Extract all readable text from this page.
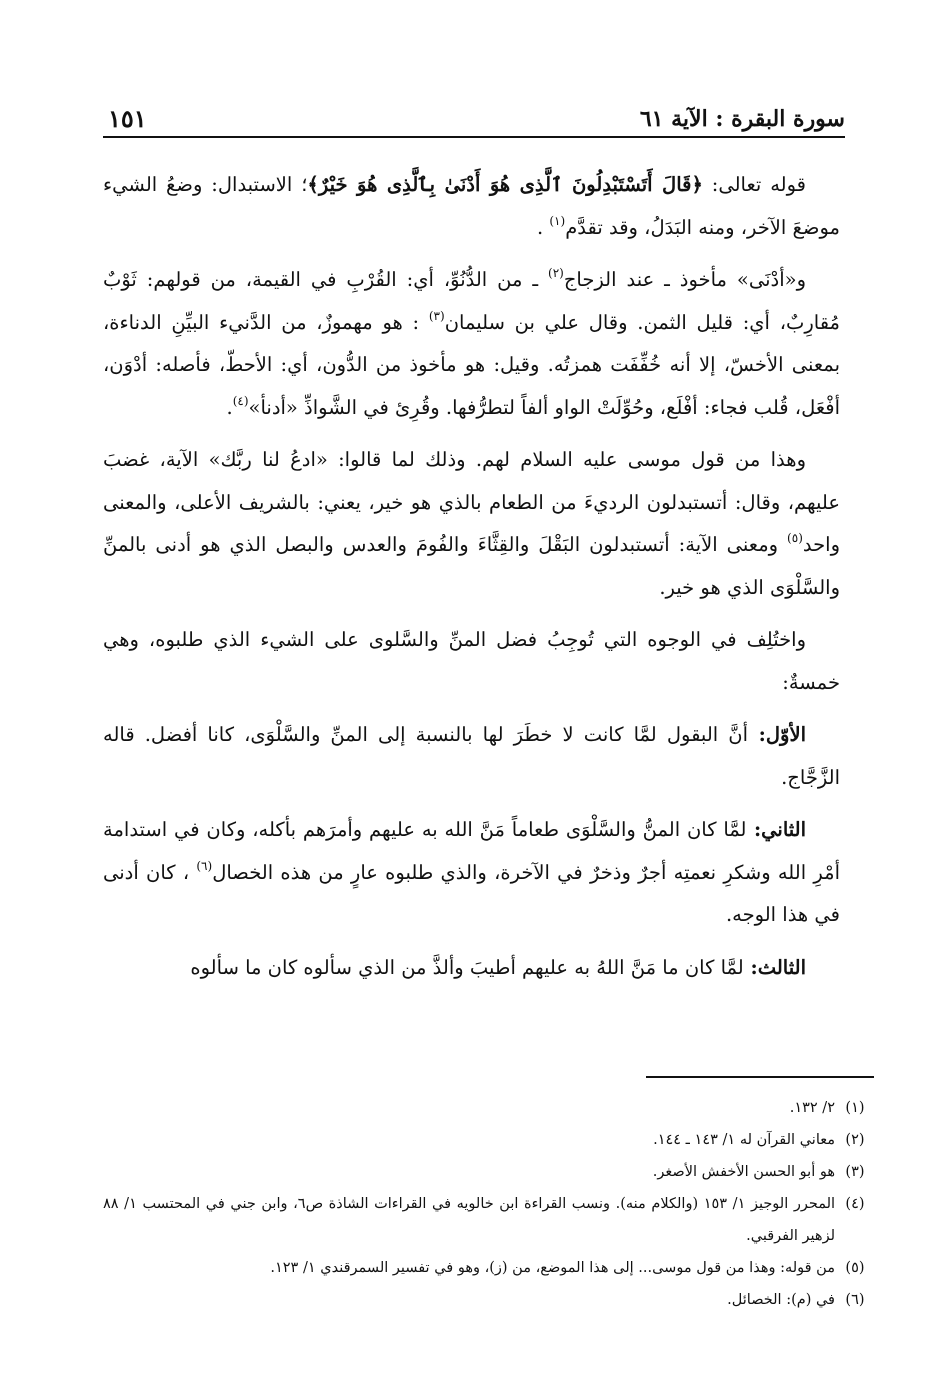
سورة البقرة : الآية ٦١
١٥١

قوله تعالى: ﴿قَالَ أَتَسْتَبْدِلُونَ ٱلَّذِى هُوَ أَدْنَىٰ بِٱلَّذِى هُوَ خَيْرٌ﴾؛ الاستبدال: وضعُ الشيء موضعَ الآخر، ومنه البَدَلُ، وقد تقدَّم$^{(١)}$ .

و«أدْنَى» مأخوذ ـ عند الزجاج$^{(٢)}$ ـ من الدُّنُوِّ، أي: القُرْبِ في القيمة، من قولهم: ثَوْبٌ مُقارِبٌ، أي: قليل الثمن. وقال علي بن سليمان$^{(٣)}$ : هو مهموزٌ، من الدَّنيء البيِّنِ الدناءة، بمعنى الأخسّ، إلا أنه خُفِّفَت همزتُه. وقيل: هو مأخوذ من الدُّون، أي: الأحطّ، فأصله: أدْوَن، أفْعَل، قُلب فجاء: أفْلَع، وحُوِّلَتْ الواو ألفاً لتطرُّفها. وقُرِئ في الشَّواذِّ «أدنأ»$^{(٤)}$.

وهذا من قول موسى عليه السلام لهم. وذلك لما قالوا: «ادعُ لنا ربَّك» الآية، غضبَ عليهم، وقال: أتستبدلون الرديءَ من الطعام بالذي هو خير، يعني: بالشريف الأعلى، والمعنى واحد$^{(٥)}$ ومعنى الآية: أتستبدلون البَقْلَ والقِثَّاءَ والفُومَ والعدس والبصل الذي هو أدنى بالمنِّ والسَّلْوَى الذي هو خير.

واختُلِف في الوجوه التي تُوجِبُ فضل المنِّ والسَّلوى على الشيء الذي طلبوه، وهي خمسةٌ:

الأوّل: أنَّ البقول لمَّا كانت لا خطَرَ لها بالنسبة إلى المنِّ والسَّلْوَى، كانا أفضل. قاله الزَّجَّاج.

الثاني: لمَّا كان المنُّ والسَّلْوَى طعاماً مَنَّ الله به عليهم وأمرَهم بأكله، وكان في استدامة أمْرِ الله وشكرِ نعمتِه أجرٌ وذخرٌ في الآخرة، والذي طلبوه عارٍ من هذه الخصال$^{(٦)}$ ، كان أدنى في هذا الوجه.

الثالث: لمَّا كان ما مَنَّ اللهُ به عليهم أطيبَ وألذَّ من الذي سألوه كان ما سألوه

(١)
٢/ ١٣٢.
(٢)
معاني القرآن له ١/ ١٤٣ ـ ١٤٤.
(٣)
هو أبو الحسن الأخفش الأصغر.
(٤)
المحرر الوجيز ١/ ١٥٣ (والكلام منه). ونسب القراءة ابن خالويه في القراءات الشاذة ص٦، وابن جني في المحتسب ١/ ٨٨ لزهير الفرقبي.
(٥)
من قوله: وهذا من قول موسى... إلى هذا الموضع، من (ز)، وهو في تفسير السمرقندي ١/ ١٢٣.
(٦)
في (م): الخصائل.
